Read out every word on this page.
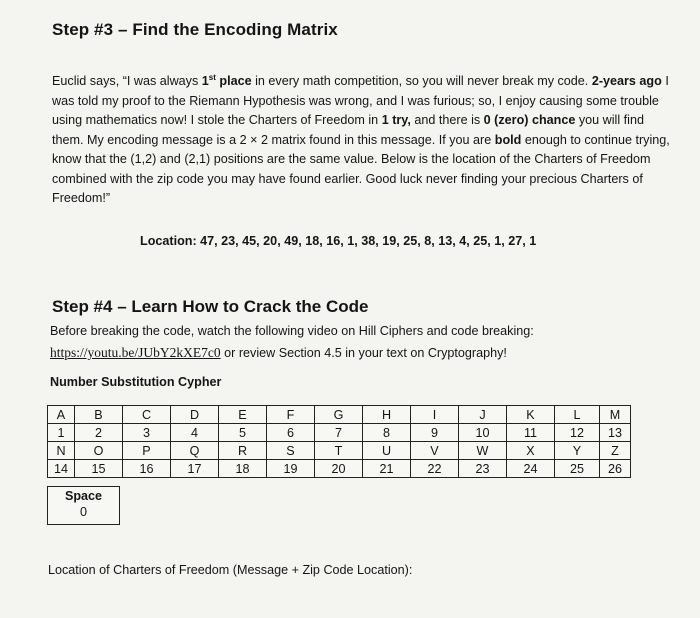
Step #3 – Find the Encoding Matrix
Euclid says, “I was always 1st place in every math competition, so you will never break my code. 2-years ago I was told my proof to the Riemann Hypothesis was wrong, and I was furious; so, I enjoy causing some trouble using mathematics now! I stole the Charters of Freedom in 1 try, and there is 0 (zero) chance you will find them. My encoding message is a 2 × 2 matrix found in this message. If you are bold enough to continue trying, know that the (1,2) and (2,1) positions are the same value. Below is the location of the Charters of Freedom combined with the zip code you may have found earlier. Good luck never finding your precious Charters of Freedom!”
Location: 47, 23, 45, 20, 49, 18, 16, 1, 38, 19, 25, 8, 13, 4, 25, 1, 27, 1
Step #4 – Learn How to Crack the Code
Before breaking the code, watch the following video on Hill Ciphers and code breaking:
https://youtu.be/JUbY2kXE7c0 or review Section 4.5 in your text on Cryptography!
Number Substitution Cypher
A	B	C	D	E	F	G	H	I	J	K	L	M
1	2	3	4	5	6	7	8	9	10	11	12	13
N	O	P	Q	R	S	T	U	V	W	X	Y	Z
14	15	16	17	18	19	20	21	22	23	24	25	26
Space
0
Location of Charters of Freedom (Message + Zip Code Location):
